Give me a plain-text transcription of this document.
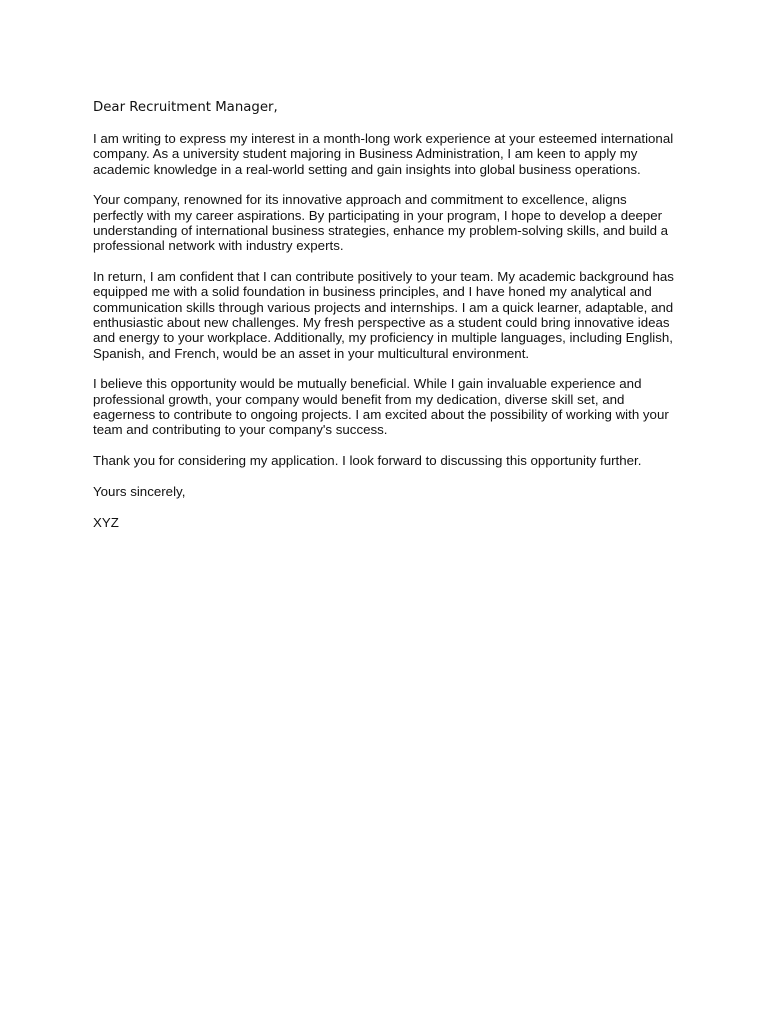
Dear Recruitment Manager,

I am writing to express my interest in a month-long work experience at your esteemed international company. As a university student majoring in Business Administration, I am keen to apply my academic knowledge in a real-world setting and gain insights into global business operations.

Your company, renowned for its innovative approach and commitment to excellence, aligns perfectly with my career aspirations. By participating in your program, I hope to develop a deeper understanding of international business strategies, enhance my problem-solving skills, and build a professional network with industry experts.

In return, I am confident that I can contribute positively to your team. My academic background has equipped me with a solid foundation in business principles, and I have honed my analytical and communication skills through various projects and internships. I am a quick learner, adaptable, and enthusiastic about new challenges. My fresh perspective as a student could bring innovative ideas and energy to your workplace. Additionally, my proficiency in multiple languages, including English, Spanish, and French, would be an asset in your multicultural environment.

I believe this opportunity would be mutually beneficial. While I gain invaluable experience and professional growth, your company would benefit from my dedication, diverse skill set, and eagerness to contribute to ongoing projects. I am excited about the possibility of working with your team and contributing to your company's success.

Thank you for considering my application. I look forward to discussing this opportunity further.

Yours sincerely,

XYZ
